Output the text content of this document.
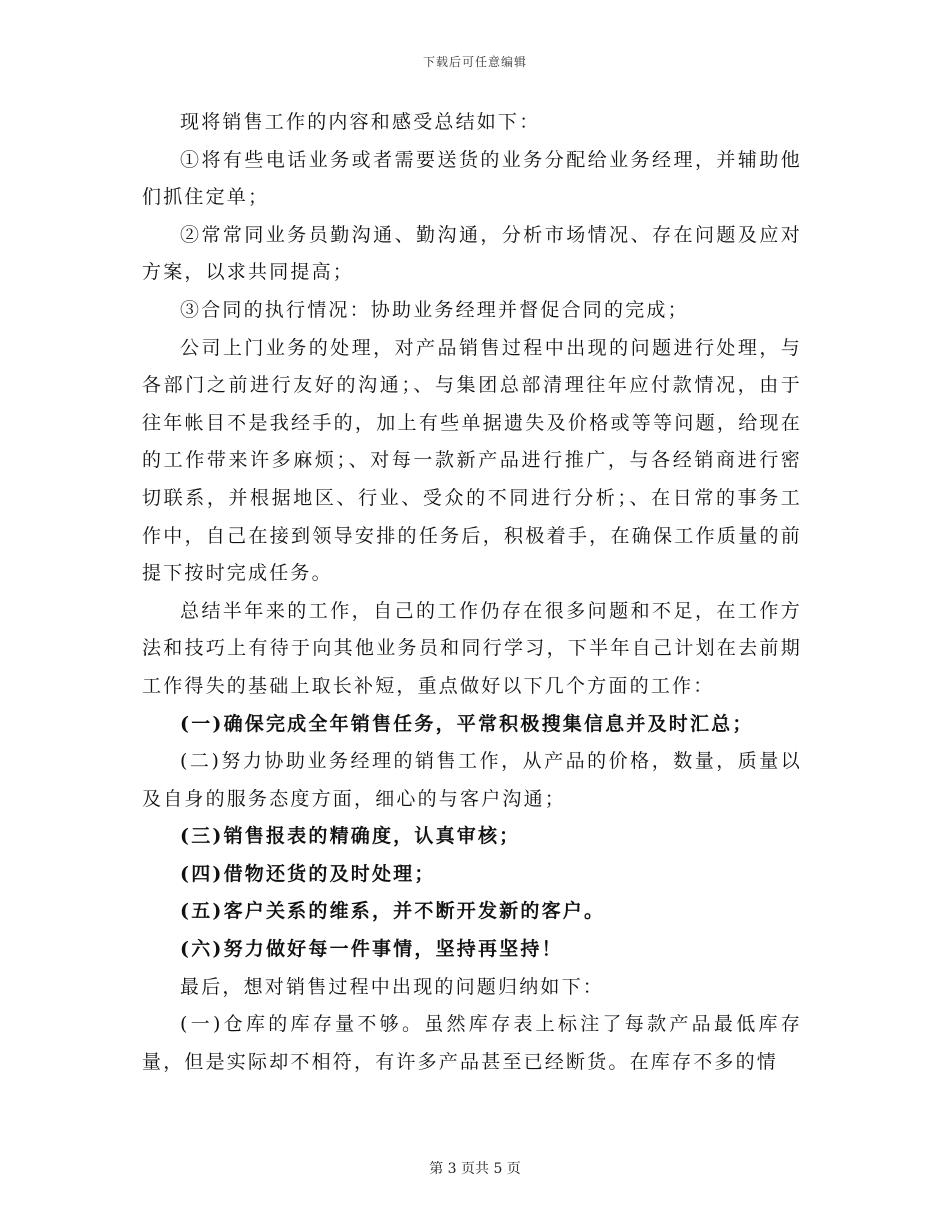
下载后可任意编辑

现将销售工作的内容和感受总结如下：

①将有些电话业务或者需要送货的业务分配给业务经理，并辅助他们抓住定单；

②常常同业务员勤沟通、勤沟通，分析市场情况、存在问题及应对方案，以求共同提高；

③合同的执行情况：协助业务经理并督促合同的完成；

公司上门业务的处理，对产品销售过程中出现的问题进行处理，与各部门之前进行友好的沟通；、与集团总部清理往年应付款情况，由于往年帐目不是我经手的，加上有些单据遗失及价格或等等问题，给现在的工作带来许多麻烦；、对每一款新产品进行推广，与各经销商进行密切联系，并根据地区、行业、受众的不同进行分析；、在日常的事务工作中，自己在接到领导安排的任务后，积极着手，在确保工作质量的前提下按时完成任务。

总结半年来的工作，自己的工作仍存在很多问题和不足，在工作方法和技巧上有待于向其他业务员和同行学习，下半年自己计划在去前期工作得失的基础上取长补短，重点做好以下几个方面的工作：

(一)确保完成全年销售任务，平常积极搜集信息并及时汇总；

(二)努力协助业务经理的销售工作，从产品的价格，数量，质量以及自身的服务态度方面，细心的与客户沟通；

(三)销售报表的精确度，认真审核；

(四)借物还货的及时处理；

(五)客户关系的维系，并不断开发新的客户。

(六)努力做好每一件事情，坚持再坚持！

最后，想对销售过程中出现的问题归纳如下：

(一)仓库的库存量不够。虽然库存表上标注了每款产品最低库存量，但是实际却不相符，有许多产品甚至已经断货。在库存不多的情

第 3 页共 5 页
